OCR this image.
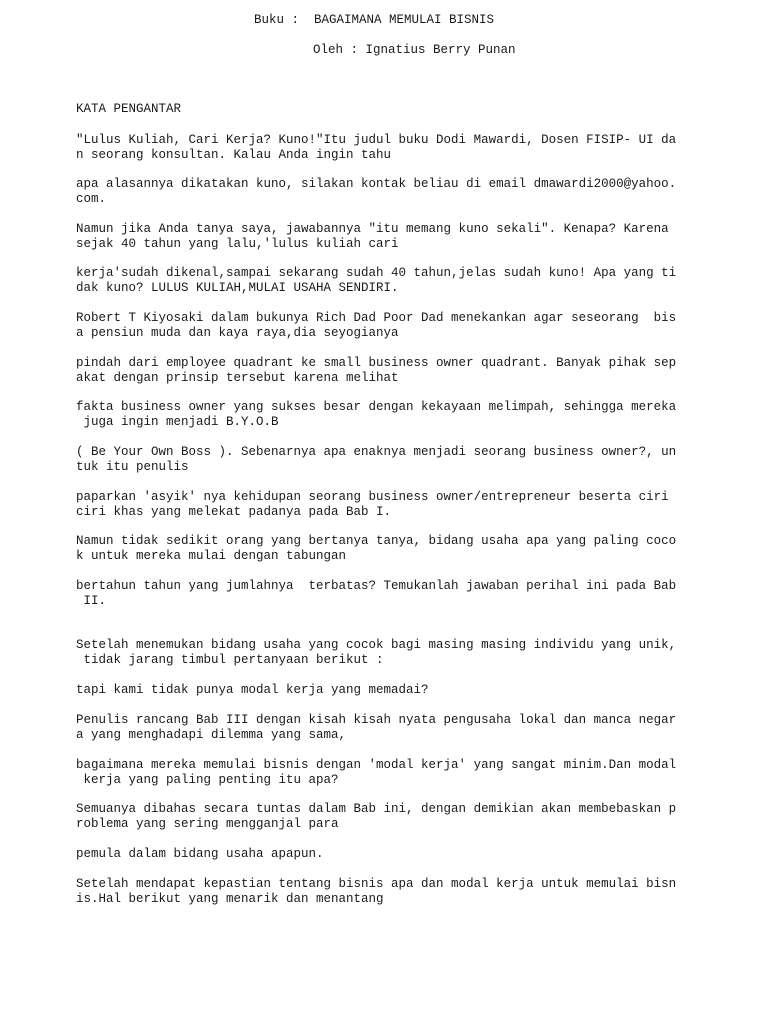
Buku :  BAGAIMANA MEMULAI BISNIS
Oleh : Ignatius Berry Punan
KATA PENGANTAR
"Lulus Kuliah, Cari Kerja? Kuno!"Itu judul buku Dodi Mawardi, Dosen FISIP- UI da
n seorang konsultan. Kalau Anda ingin tahu
apa alasannya dikatakan kuno, silakan kontak beliau di email dmawardi2000@yahoo.
com.
Namun jika Anda tanya saya, jawabannya "itu memang kuno sekali". Kenapa? Karena
sejak 40 tahun yang lalu,'lulus kuliah cari
kerja'sudah dikenal,sampai sekarang sudah 40 tahun,jelas sudah kuno! Apa yang ti
dak kuno? LULUS KULIAH,MULAI USAHA SENDIRI.
Robert T Kiyosaki dalam bukunya Rich Dad Poor Dad menekankan agar seseorang  bis
a pensiun muda dan kaya raya,dia seyogianya
pindah dari employee quadrant ke small business owner quadrant. Banyak pihak sep
akat dengan prinsip tersebut karena melihat
fakta business owner yang sukses besar dengan kekayaan melimpah, sehingga mereka
juga ingin menjadi B.Y.O.B
( Be Your Own Boss ). Sebenarnya apa enaknya menjadi seorang business owner?, un
tuk itu penulis
paparkan 'asyik' nya kehidupan seorang business owner/entrepreneur beserta ciri
ciri khas yang melekat padanya pada Bab I.
Namun tidak sedikit orang yang bertanya tanya, bidang usaha apa yang paling coco
k untuk mereka mulai dengan tabungan
bertahun tahun yang jumlahnya  terbatas? Temukanlah jawaban perihal ini pada Bab
II.
Setelah menemukan bidang usaha yang cocok bagi masing masing individu yang unik,
tidak jarang timbul pertanyaan berikut :
tapi kami tidak punya modal kerja yang memadai?
Penulis rancang Bab III dengan kisah kisah nyata pengusaha lokal dan manca negar
a yang menghadapi dilemma yang sama,
bagaimana mereka memulai bisnis dengan 'modal kerja' yang sangat minim.Dan modal
kerja yang paling penting itu apa?
Semuanya dibahas secara tuntas dalam Bab ini, dengan demikian akan membebaskan p
roblema yang sering mengganjal para
pemula dalam bidang usaha apapun.
Setelah mendapat kepastian tentang bisnis apa dan modal kerja untuk memulai bisn
is.Hal berikut yang menarik dan menantang
